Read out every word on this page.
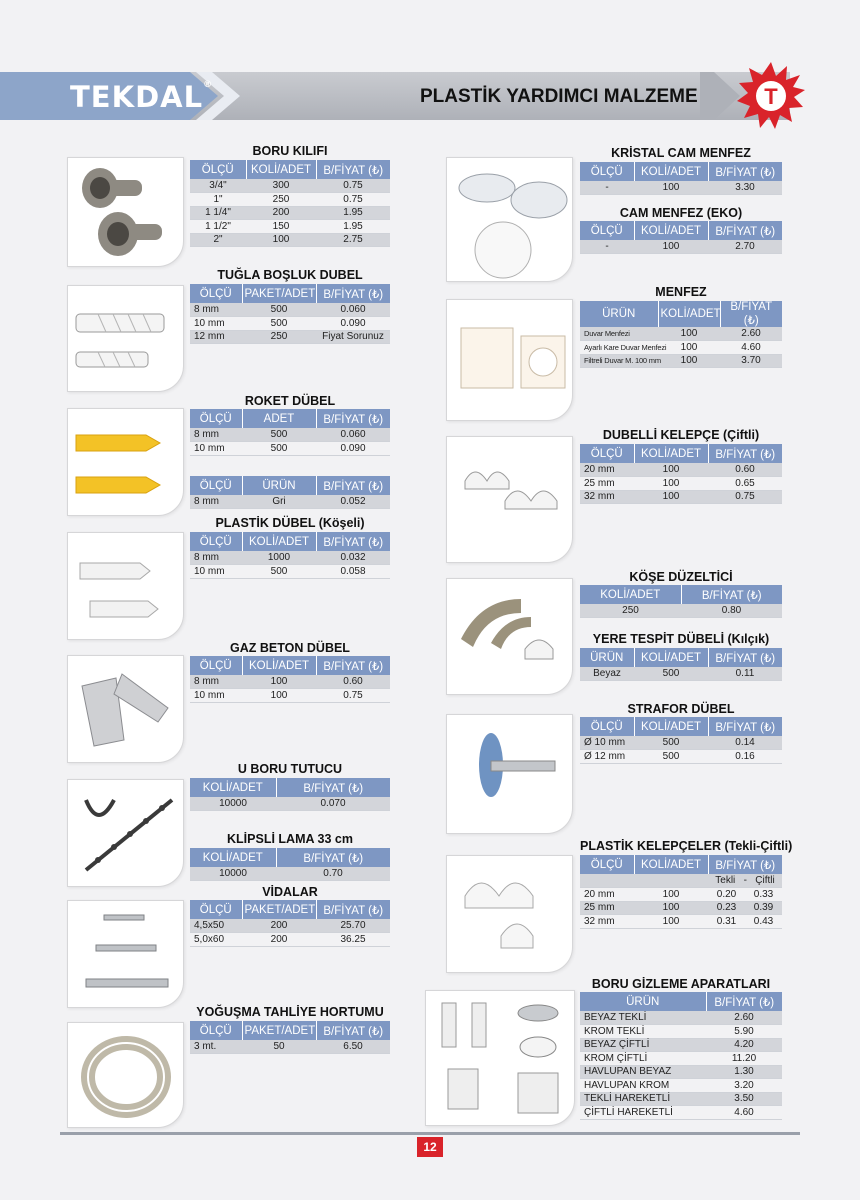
TEKDAL®
PLASTİK YARDIMCI MALZEME	T
BORU KILIFI
ÖLÇÜ	KOLİ/ADET	B/FİYAT (₺)
3/4"	300	0.75
1"	250	0.75
1 1/4"	200	1.95
1 1/2"	150	1.95
2"	100	2.75
TUĞLA BOŞLUK DUBEL
ÖLÇÜ	PAKET/ADET	B/FİYAT (₺)
8 mm	500	0.060
10 mm	500	0.090
12 mm	250	Fiyat Sorunuz
ROKET DÜBEL
ÖLÇÜ	ADET	B/FİYAT (₺)
8 mm	500	0.060
10 mm	500	0.090
ÖLÇÜ	ÜRÜN	B/FİYAT (₺)
8 mm	Gri	0.052
PLASTİK DÜBEL (Köşeli)
ÖLÇÜ	KOLİ/ADET	B/FİYAT (₺)
8 mm	1000	0.032
10 mm	500	0.058
GAZ BETON DÜBEL
ÖLÇÜ	KOLİ/ADET	B/FİYAT (₺)
8 mm	100	0.60
10 mm	100	0.75
U BORU TUTUCU
KOLİ/ADET	B/FİYAT (₺)
10000	0.070
KLİPSLİ LAMA 33 cm
KOLİ/ADET	B/FİYAT (₺)
10000	0.70
VİDALAR
ÖLÇÜ	PAKET/ADET	B/FİYAT (₺)
4,5x50	200	25.70
5,0x60	200	36.25
YOĞUŞMA TAHLİYE HORTUMU
ÖLÇÜ	PAKET/ADET	B/FİYAT (₺)
3 mt.	50	6.50
KRİSTAL CAM MENFEZ
ÖLÇÜ	KOLİ/ADET	B/FİYAT (₺)
-	100	3.30
CAM MENFEZ (EKO)
ÖLÇÜ	KOLİ/ADET	B/FİYAT (₺)
-	100	2.70
MENFEZ
ÜRÜN	KOLİ/ADET	B/FİYAT (₺)
Duvar Menfezi	100	2.60
Ayarlı Kare Duvar Menfezi	100	4.60
Filtreli Duvar M. 100 mm	100	3.70
DUBELLİ KELEPÇE (Çiftli)
ÖLÇÜ	KOLİ/ADET	B/FİYAT (₺)
20 mm	100	0.60
25 mm	100	0.65
32 mm	100	0.75
KÖŞE DÜZELTİCİ
KOLİ/ADET	B/FİYAT (₺)
250	0.80
YERE TESPİT DÜBELİ (Kılçık)
ÜRÜN	KOLİ/ADET	B/FİYAT (₺)
Beyaz	500	0.11
STRAFOR DÜBEL
ÖLÇÜ	KOLİ/ADET	B/FİYAT (₺)
Ø 10 mm	500	0.14
Ø 12 mm	500	0.16
PLASTİK KELEPÇELER (Tekli-Çiftli)
ÖLÇÜ	KOLİ/ADET	B/FİYAT (₺)	
		Tekli   -   Çiftli	
20 mm	100	0.20	0.33
25 mm	100	0.23	0.39
32 mm	100	0.31	0.43
BORU GİZLEME APARATLARI
ÜRÜN	B/FİYAT (₺)
BEYAZ TEKLİ	2.60
KROM TEKLİ	5.90
BEYAZ ÇİFTLİ	4.20
KROM ÇİFTLİ	11.20
HAVLUPAN BEYAZ	1.30
HAVLUPAN KROM	3.20
TEKLİ HAREKETLİ	3.50
ÇİFTLİ HAREKETLİ	4.60
12
